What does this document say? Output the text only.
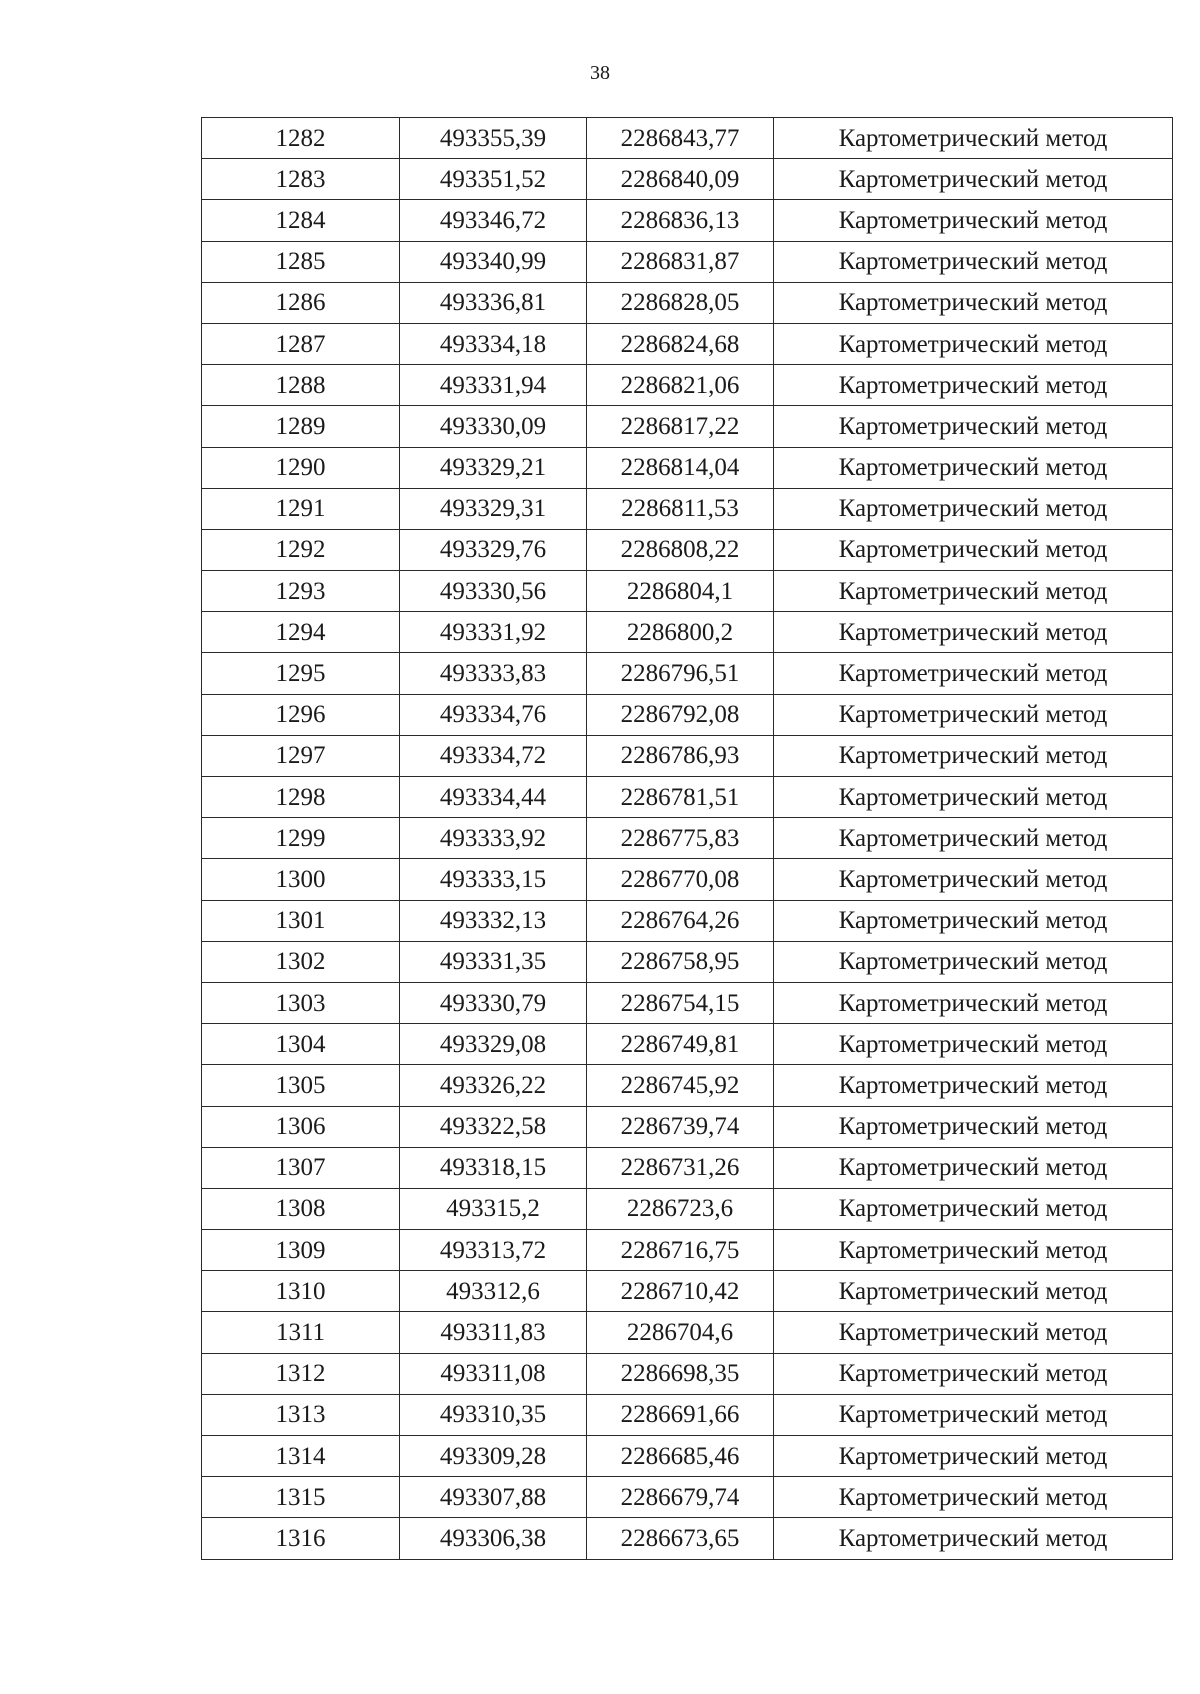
38
1282	493355,39	2286843,77	Картометрический метод
1283	493351,52	2286840,09	Картометрический метод
1284	493346,72	2286836,13	Картометрический метод
1285	493340,99	2286831,87	Картометрический метод
1286	493336,81	2286828,05	Картометрический метод
1287	493334,18	2286824,68	Картометрический метод
1288	493331,94	2286821,06	Картометрический метод
1289	493330,09	2286817,22	Картометрический метод
1290	493329,21	2286814,04	Картометрический метод
1291	493329,31	2286811,53	Картометрический метод
1292	493329,76	2286808,22	Картометрический метод
1293	493330,56	2286804,1	Картометрический метод
1294	493331,92	2286800,2	Картометрический метод
1295	493333,83	2286796,51	Картометрический метод
1296	493334,76	2286792,08	Картометрический метод
1297	493334,72	2286786,93	Картометрический метод
1298	493334,44	2286781,51	Картометрический метод
1299	493333,92	2286775,83	Картометрический метод
1300	493333,15	2286770,08	Картометрический метод
1301	493332,13	2286764,26	Картометрический метод
1302	493331,35	2286758,95	Картометрический метод
1303	493330,79	2286754,15	Картометрический метод
1304	493329,08	2286749,81	Картометрический метод
1305	493326,22	2286745,92	Картометрический метод
1306	493322,58	2286739,74	Картометрический метод
1307	493318,15	2286731,26	Картометрический метод
1308	493315,2	2286723,6	Картометрический метод
1309	493313,72	2286716,75	Картометрический метод
1310	493312,6	2286710,42	Картометрический метод
1311	493311,83	2286704,6	Картометрический метод
1312	493311,08	2286698,35	Картометрический метод
1313	493310,35	2286691,66	Картометрический метод
1314	493309,28	2286685,46	Картометрический метод
1315	493307,88	2286679,74	Картометрический метод
1316	493306,38	2286673,65	Картометрический метод
